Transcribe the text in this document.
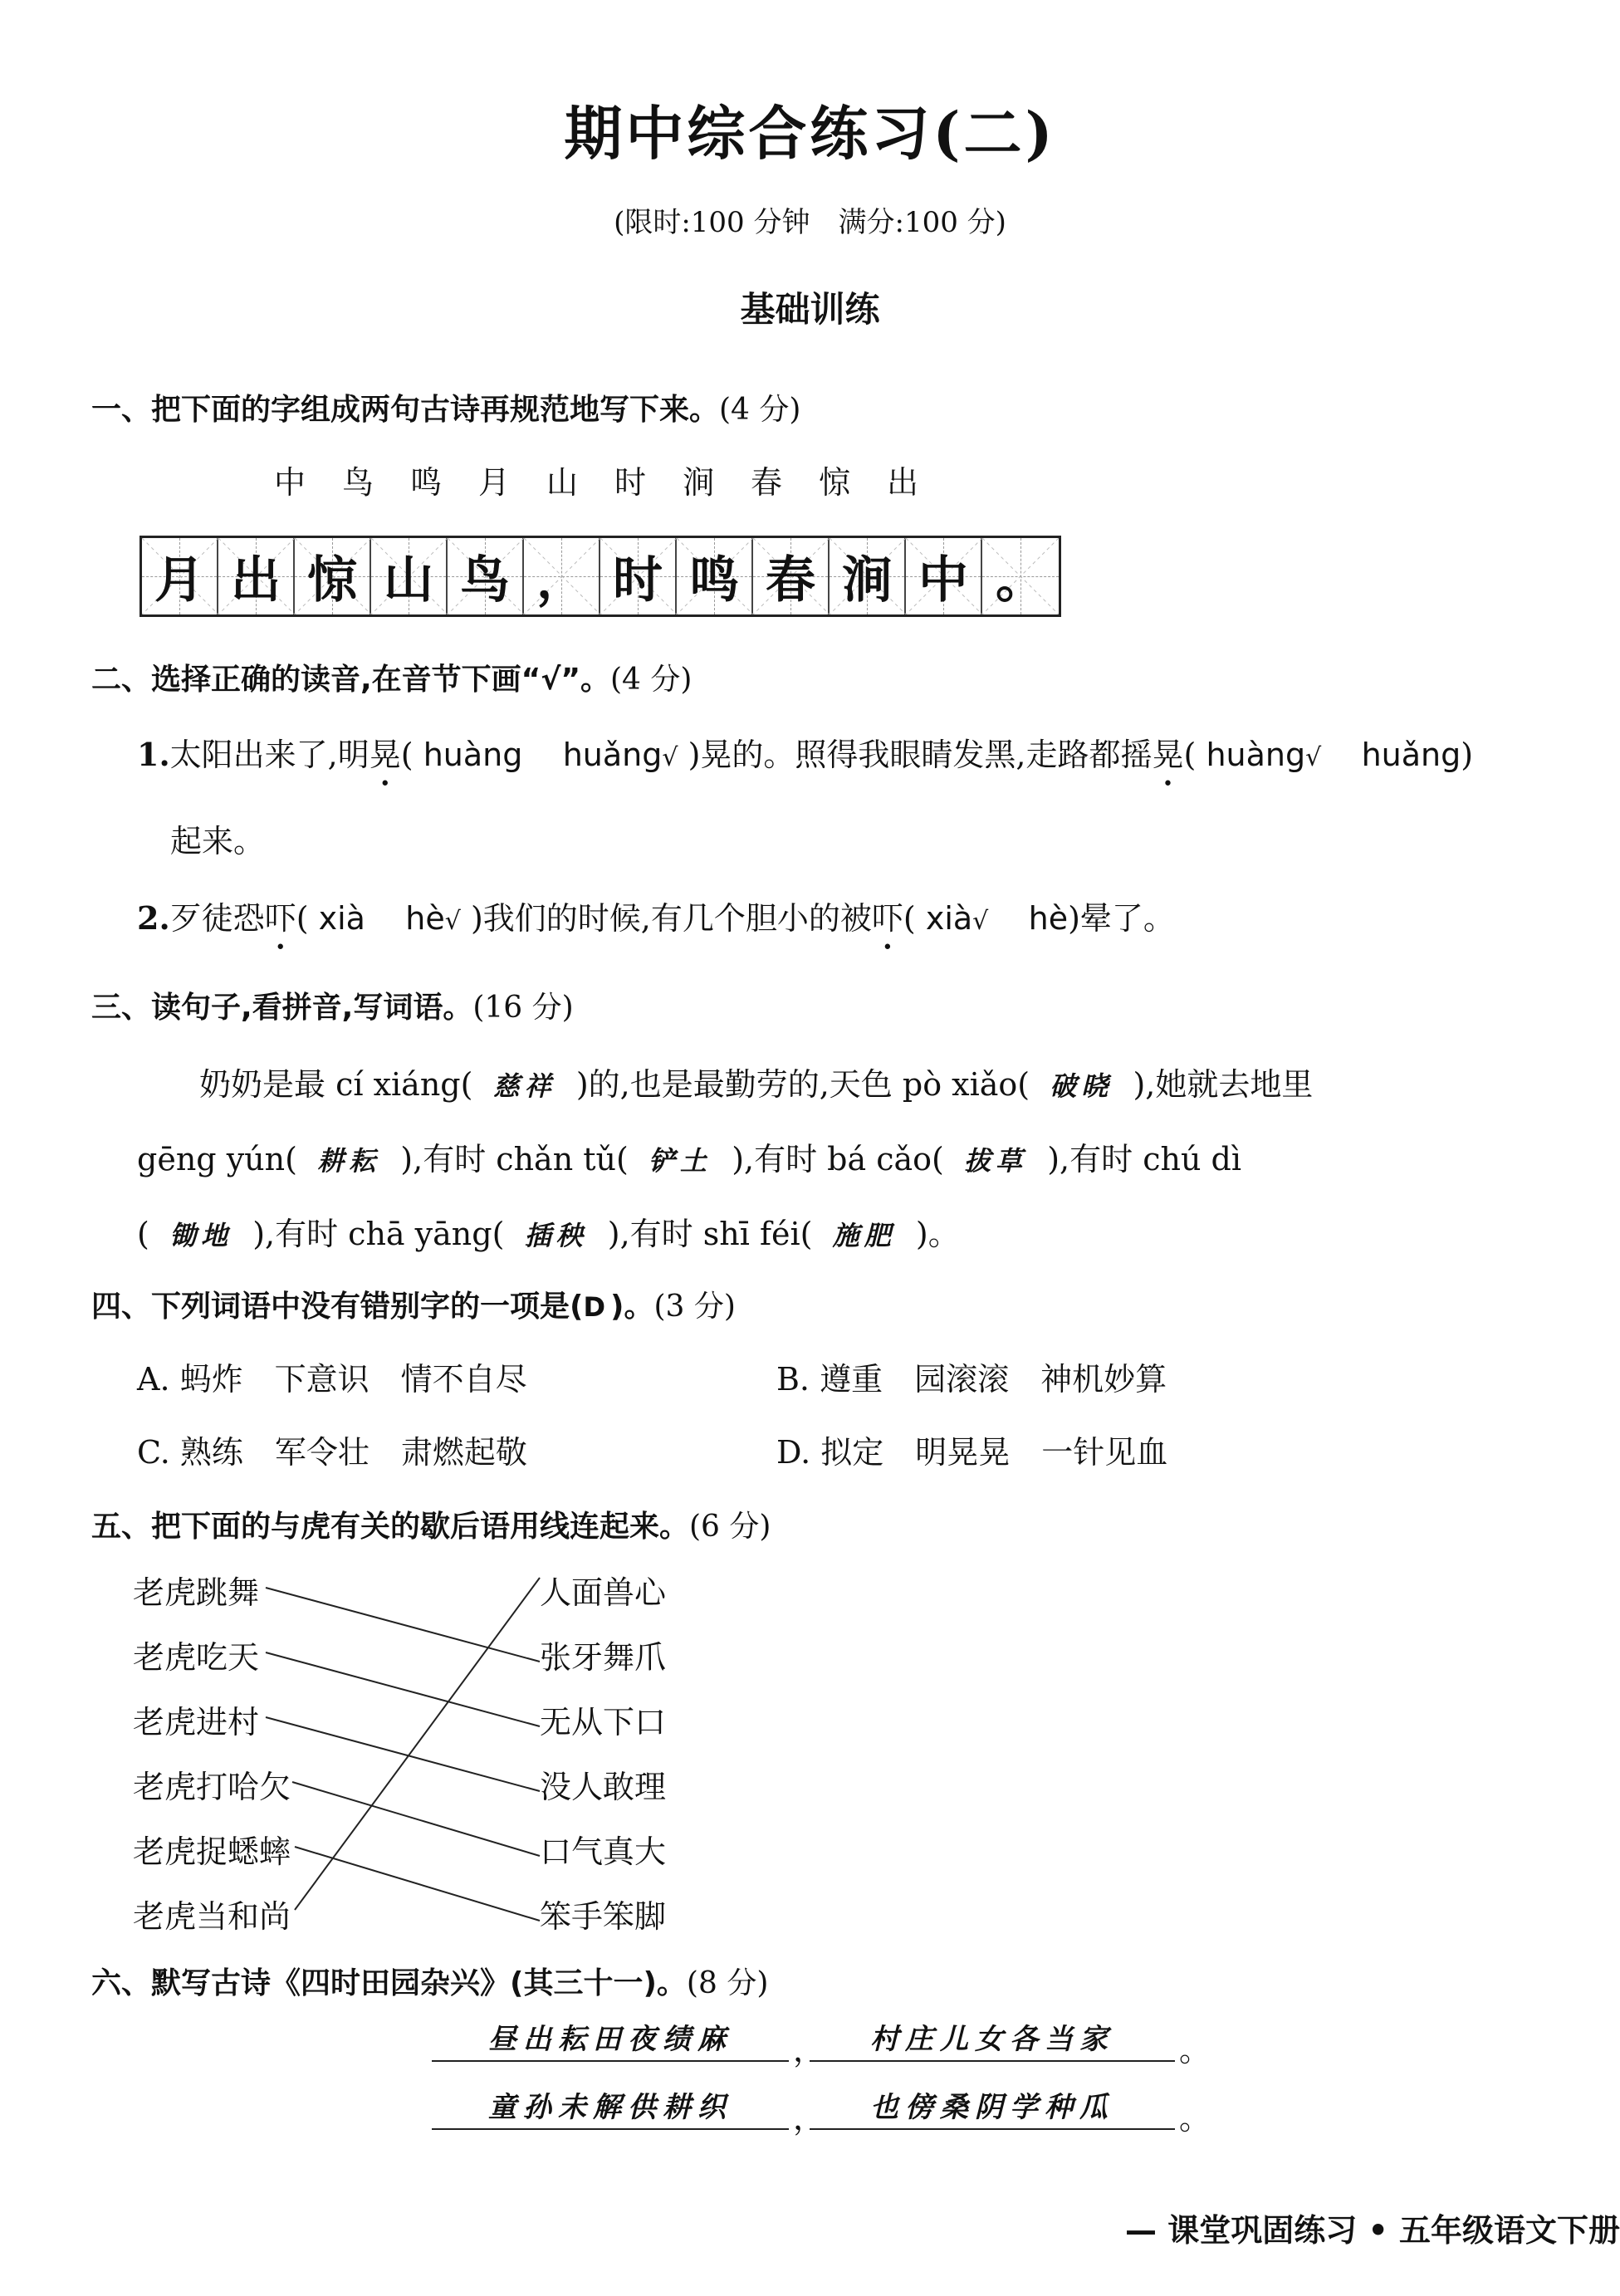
期中综合练习(二)
(限时:100 分钟　满分:100 分)
基础训练
一、把下面的字组成两句古诗再规范地写下来。(4 分)
中 鸟 鸣 月 山 时 涧 春 惊 出
月 出 惊 山 鸟 ， 时 鸣 春 涧 中 。
二、选择正确的读音,在音节下画“√”。(4 分)
1.太阳出来了,明晃( huàng huǎng√ )晃的。照得我眼睛发黑,走路都摇晃( huàng√ huǎng)
起来。
2.歹徒恐吓( xià hè√ )我们的时候,有几个胆小的被吓( xià√ hè)晕了。
三、读句子,看拼音,写词语。(16 分)
奶奶是最 cí xiáng( 慈祥 )的,也是最勤劳的,天色 pò xiǎo( 破晓 ),她就去地里
gēng yún( 耕耘 ),有时 chǎn tǔ( 铲土 ),有时 bá cǎo( 拔草 ),有时 chú dì
( 锄地 ),有时 chā yāng( 插秧 ),有时 shī féi( 施肥 )。
四、下列词语中没有错别字的一项是(D)。(3 分)
A. 蚂炸　下意识　情不自尽	B. 遵重　园滚滚　神机妙算
C. 熟练　军令壮　肃燃起敬	D. 拟定　明晃晃　一针见血
五、把下面的与虎有关的歇后语用线连起来。(6 分)
老虎跳舞
老虎吃天
老虎进村
老虎打哈欠
老虎捉蟋蟀
老虎当和尚
人面兽心
张牙舞爪
无从下口
没人敢理
口气真大
笨手笨脚
六、默写古诗《四时田园杂兴》(其三十一)。(8 分)
昼出耘田夜绩麻	，	村庄儿女各当家	。
童孙未解供耕织	，	也傍桑阴学种瓜	。
— 课堂巩固练习 • 五年级语文下册
